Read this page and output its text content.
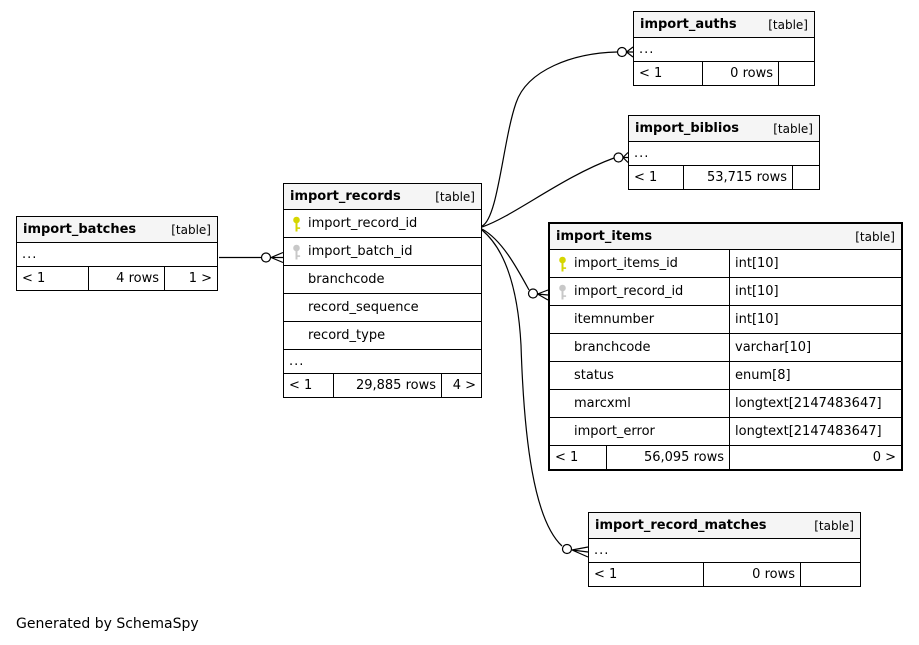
import_batches	[table]
...
< 1	4 rows	1 >
import_records	[table]
import_record_id
import_batch_id
branchcode
record_sequence
record_type
...
< 1	29,885 rows	4 >
import_auths	[table]
...
< 1	0 rows
import_biblios	[table]
...
< 1	53,715 rows
import_items	[table]
import_items_id	int[10]
import_record_id	int[10]
itemnumber	int[10]
branchcode	varchar[10]
status	enum[8]
marcxml	longtext[2147483647]
import_error	longtext[2147483647]
< 1	56,095 rows	0 >
import_record_matches	[table]
...
< 1	0 rows
Generated by SchemaSpy
